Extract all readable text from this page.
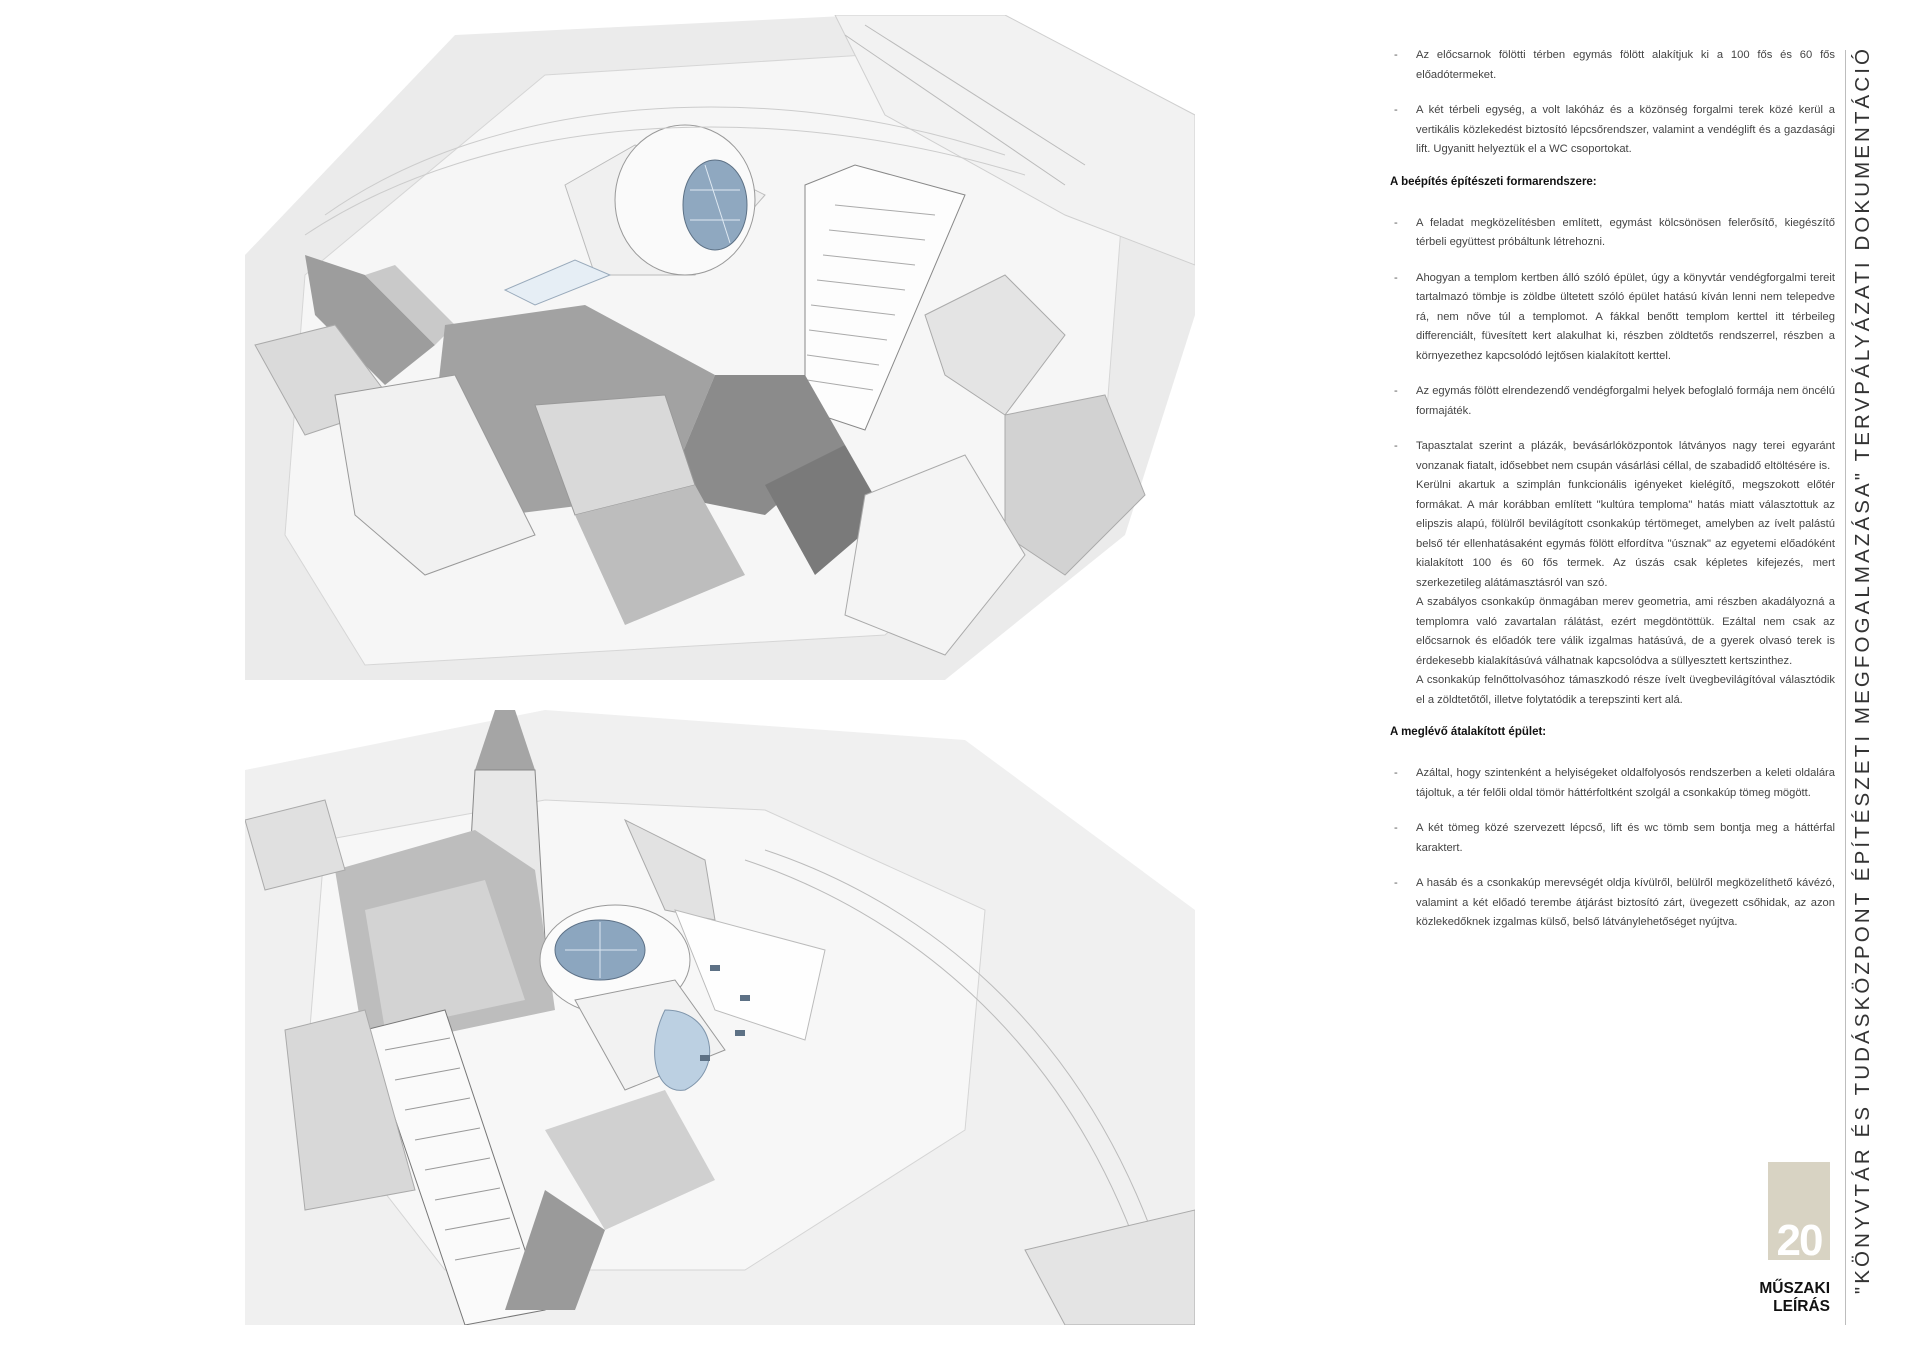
- Az előcsarnok fölötti térben egymás fölött alakítjuk ki a 100 fős és 60 fős előadótermeket.

- A két térbeli egység, a volt lakóház és a közönség forgalmi terek közé kerül a vertikális közlekedést biztosító lépcsőrendszer, valamint a vendéglift és a gazdasági lift. Ugyanitt helyeztük el a WC csoportokat.

A beépítés építészeti formarendszere:

- A feladat megközelítésben említett, egymást kölcsönösen felerősítő, kiegészítő térbeli együttest próbáltunk létrehozni.

- Ahogyan a templom kertben álló szóló épület, úgy a könyvtár vendégforgalmi tereit tartalmazó tömbje is zöldbe ültetett szóló épület hatású kíván lenni nem telepedve rá, nem nőve túl a templomot. A fákkal benőtt templom kerttel itt térbeileg differenciált, füvesített kert alakulhat ki, részben zöldtetős rendszerrel, részben a környezethez kapcsolódó lejtősen kialakított kerttel.

- Az egymás fölött elrendezendő vendégforgalmi helyek befoglaló formája nem öncélú formajáték.

- Tapasztalat szerint a plázák, bevásárlóközpontok látványos nagy terei egyaránt vonzanak fiatalt, idősebbet nem csupán vásárlási céllal, de szabadidő eltöltésére is.

Kerülni akartuk a szimplán funkcionális igényeket kielégítő, megszokott előtér formákat. A már korábban említett "kultúra temploma" hatás miatt választottuk az elipszis alapú, fölülről bevilágított csonkakúp tértömeget, amelyben az ívelt palástú belső tér ellenhatásaként egymás fölött elfordítva "úsznak" az egyetemi előadóként kialakított 100 és 60 fős termek. Az úszás csak képletes kifejezés, mert szerkezetileg alátámasztásról van szó.

A szabályos csonkakúp önmagában merev geometria, ami részben akadályozná a templomra való zavartalan rálátást, ezért megdöntöttük. Ezáltal nem csak az előcsarnok és előadók tere válik izgalmas hatásúvá, de a gyerek olvasó terek is érdekesebb kialakításúvá válhatnak kapcsolódva a süllyesztett kertszinthez.

A csonkakúp felnőttolvasóhoz támaszkodó része ívelt üvegbevilágítóval választódik el a zöldtetőtől, illetve folytatódik a terepszinti kert alá.

A meglévő átalakított épület:

- Azáltal, hogy szintenként a helyiségeket oldalfolyosós rendszerben a keleti oldalára tájoltuk, a tér felőli oldal tömör háttérfoltként szolgál a csonkakúp tömeg mögött.

- A két tömeg közé szervezett lépcső, lift és wc tömb sem bontja meg a háttérfal karaktert.

- A hasáb és a csonkakúp merevségét oldja kívülről, belülről megközelíthető kávézó, valamint a két előadó terembe átjárást biztosító zárt, üvegezett csőhidak, az azon közlekedőknek izgalmas külső, belső látványlehetőséget nyújtva.	"KÖNYVTÁR ÉS TUDÁSKÖZPONT ÉPÍTÉSZETI MEGFOGALMAZÁSA" TERVPÁLYÁZATI DOKUMENTÁCIÓ
20
MŰSZAKI LEÍRÁS
